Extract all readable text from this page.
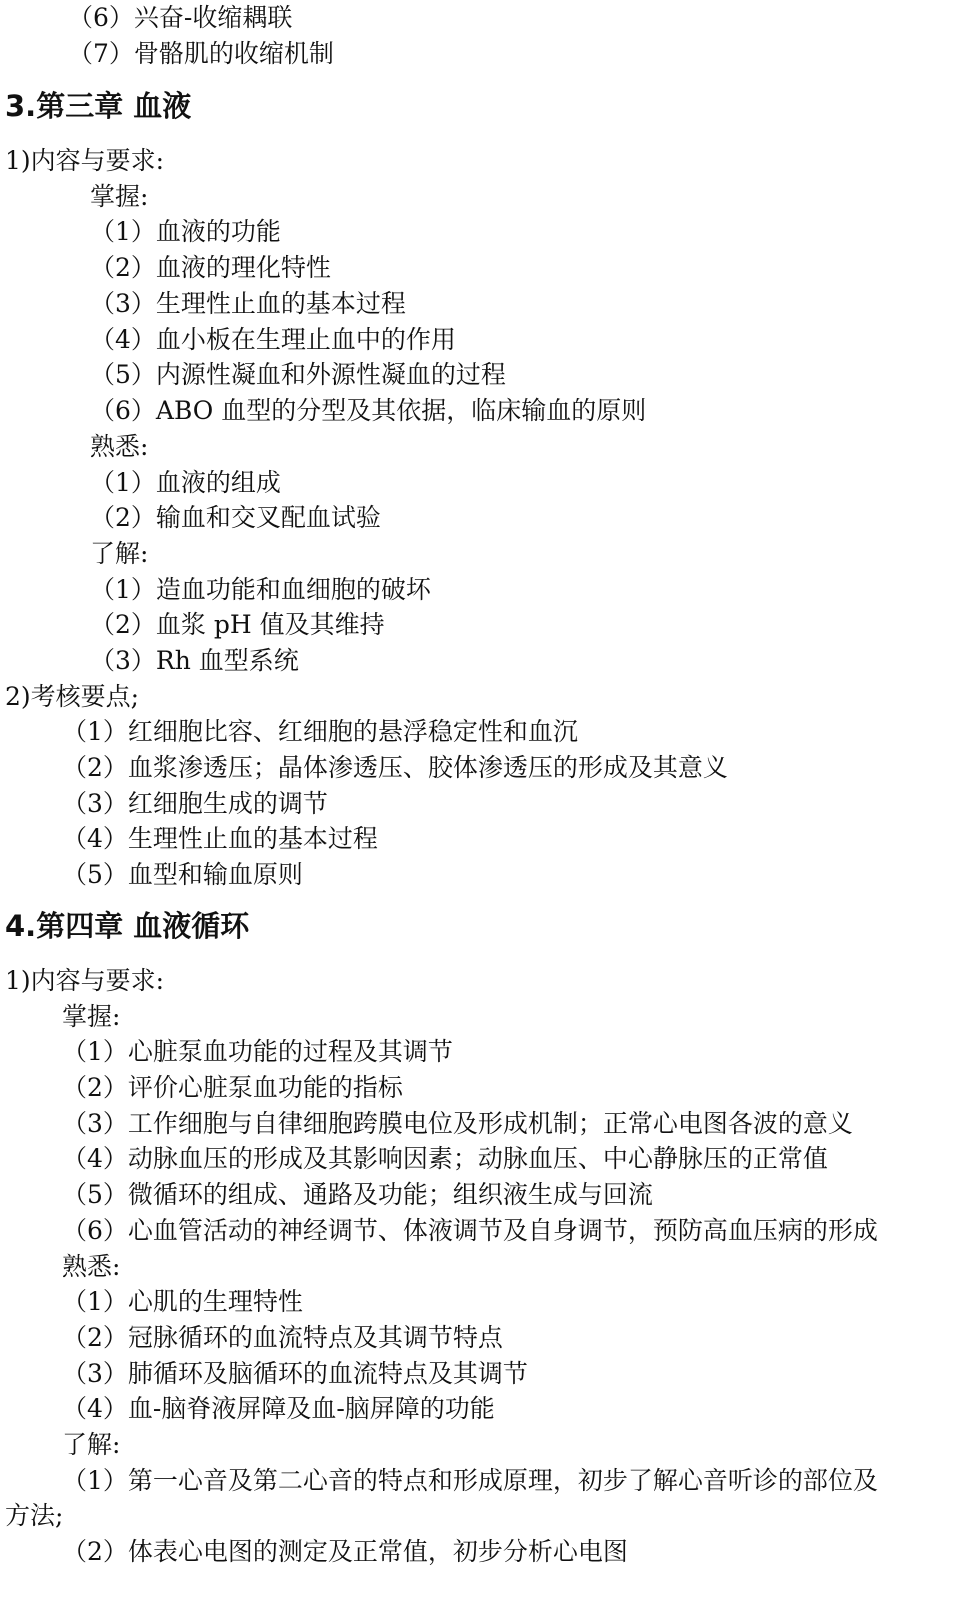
（6）兴奋-收缩耦联
（7）骨骼肌的收缩机制
3.第三章 血液
1)内容与要求:
掌握:
（1）血液的功能
（2）血液的理化特性
（3）生理性止血的基本过程
（4）血小板在生理止血中的作用
（5）内源性凝血和外源性凝血的过程
（6）ABO 血型的分型及其依据，临床输血的原则
熟悉:
（1）血液的组成
（2）输血和交叉配血试验
了解:
（1）造血功能和血细胞的破坏
（2）血浆 pH 值及其维持
（3）Rh 血型系统
2)考核要点;
（1）红细胞比容、红细胞的悬浮稳定性和血沉
（2）血浆渗透压；晶体渗透压、胶体渗透压的形成及其意义
（3）红细胞生成的调节
（4）生理性止血的基本过程
（5）血型和输血原则
4.第四章 血液循环
1)内容与要求:
掌握:
（1）心脏泵血功能的过程及其调节
（2）评价心脏泵血功能的指标
（3）工作细胞与自律细胞跨膜电位及形成机制；正常心电图各波的意义
（4）动脉血压的形成及其影响因素；动脉血压、中心静脉压的正常值
（5）微循环的组成、通路及功能；组织液生成与回流
（6）心血管活动的神经调节、体液调节及自身调节，预防高血压病的形成
熟悉:
（1）心肌的生理特性
（2）冠脉循环的血流特点及其调节特点
（3）肺循环及脑循环的血流特点及其调节
（4）血-脑脊液屏障及血-脑屏障的功能
了解:
（1）第一心音及第二心音的特点和形成原理，初步了解心音听诊的部位及
方法;
（2）体表心电图的测定及正常值，初步分析心电图
